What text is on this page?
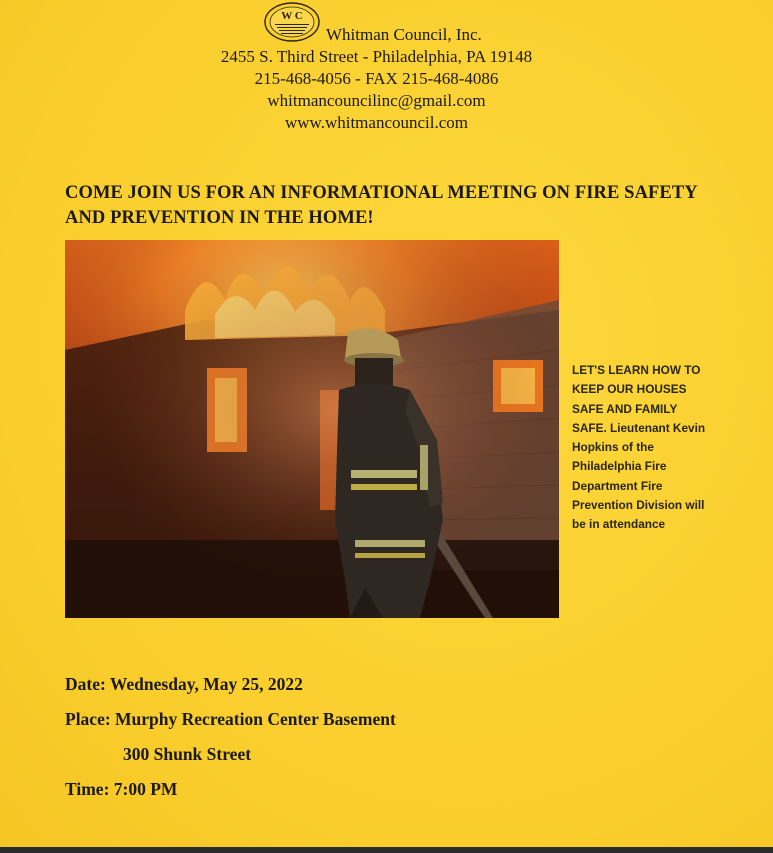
W C
Whitman Council, Inc.
2455 S. Third Street - Philadelphia, PA 19148
215-468-4056 - FAX 215-468-4086
whitmancouncilinc@gmail.com
www.whitmancouncil.com
COME JOIN US FOR AN INFORMATIONAL MEETING ON FIRE SAFETY AND PREVENTION IN THE HOME!
LET'S LEARN HOW TO KEEP OUR HOUSES SAFE AND FAMILY SAFE. Lieutenant Kevin Hopkins of the Philadelphia Fire Department Fire Prevention Division will be in attendance
Date: Wednesday, May 25, 2022
Place: Murphy Recreation Center Basement
300 Shunk Street
Time: 7:00 PM
